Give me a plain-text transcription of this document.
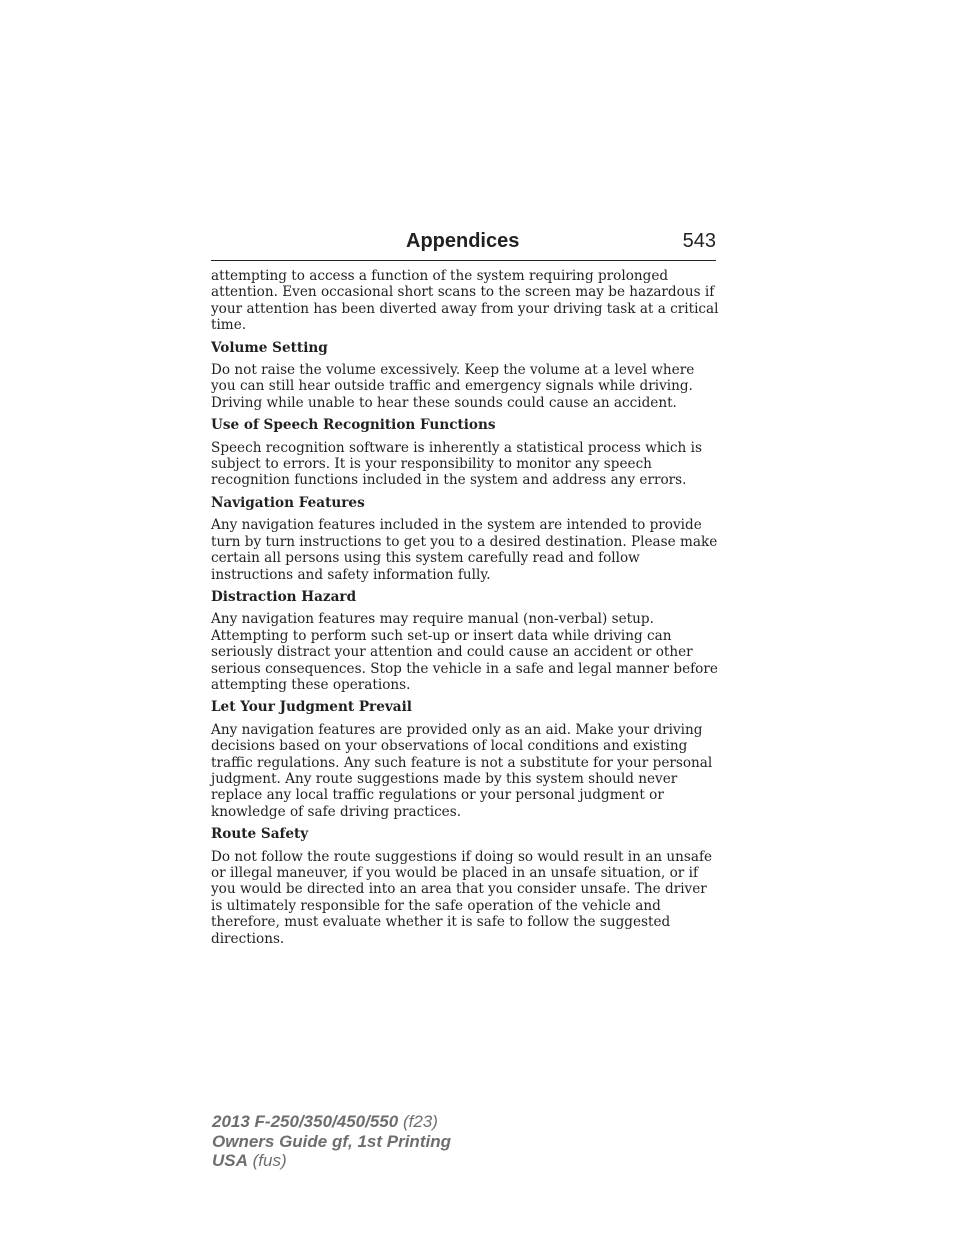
Appendices	543

attempting to access a function of the system requiring prolonged attention. Even occasional short scans to the screen may be hazardous if your attention has been diverted away from your driving task at a critical time.

Volume Setting

Do not raise the volume excessively. Keep the volume at a level where you can still hear outside traffic and emergency signals while driving. Driving while unable to hear these sounds could cause an accident.

Use of Speech Recognition Functions

Speech recognition software is inherently a statistical process which is subject to errors. It is your responsibility to monitor any speech recognition functions included in the system and address any errors.

Navigation Features

Any navigation features included in the system are intended to provide turn by turn instructions to get you to a desired destination. Please make certain all persons using this system carefully read and follow instructions and safety information fully.

Distraction Hazard

Any navigation features may require manual (non-verbal) setup. Attempting to perform such set-up or insert data while driving can seriously distract your attention and could cause an accident or other serious consequences. Stop the vehicle in a safe and legal manner before attempting these operations.

Let Your Judgment Prevail

Any navigation features are provided only as an aid. Make your driving decisions based on your observations of local conditions and existing traffic regulations. Any such feature is not a substitute for your personal judgment. Any route suggestions made by this system should never replace any local traffic regulations or your personal judgment or knowledge of safe driving practices.

Route Safety

Do not follow the route suggestions if doing so would result in an unsafe or illegal maneuver, if you would be placed in an unsafe situation, or if you would be directed into an area that you consider unsafe. The driver is ultimately responsible for the safe operation of the vehicle and therefore, must evaluate whether it is safe to follow the suggested directions.

2013 F-250/350/450/550 (f23)
Owners Guide gf, 1st Printing
USA (fus)
